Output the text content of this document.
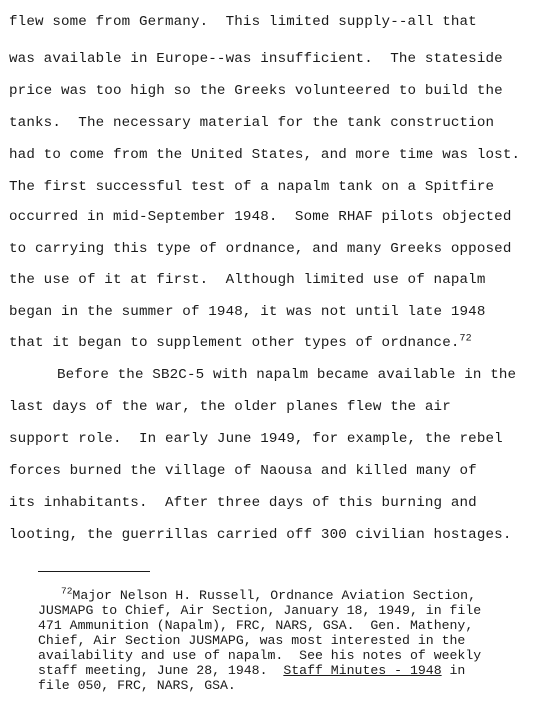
flew some from Germany.  This limited supply--all that
was available in Europe--was insufficient.  The stateside
price was too high so the Greeks volunteered to build the
tanks.  The necessary material for the tank construction
had to come from the United States, and more time was lost.
The first successful test of a napalm tank on a Spitfire
occurred in mid-September 1948.  Some RHAF pilots objected
to carrying this type of ordnance, and many Greeks opposed
the use of it at first.  Although limited use of napalm
began in the summer of 1948, it was not until late 1948
that it began to supplement other types of ordnance.$^{72}$
Before the SB2C-5 with napalm became available in the
last days of the war, the older planes flew the air
support role.  In early June 1949, for example, the rebel
forces burned the village of Naousa and killed many of
its inhabitants.  After three days of this burning and
looting, the guerrillas carried off 300 civilian hostages.
$^{72}$Major Nelson H. Russell, Ordnance Aviation Section,
JUSMAPG to Chief, Air Section, January 18, 1949, in file
471 Ammunition (Napalm), FRC, NARS, GSA.  Gen. Matheny,
Chief, Air Section JUSMAPG, was most interested in the
availability and use of napalm.  See his notes of weekly
staff meeting, June 28, 1948.  Staff Minutes - 1948 in
file 050, FRC, NARS, GSA.
